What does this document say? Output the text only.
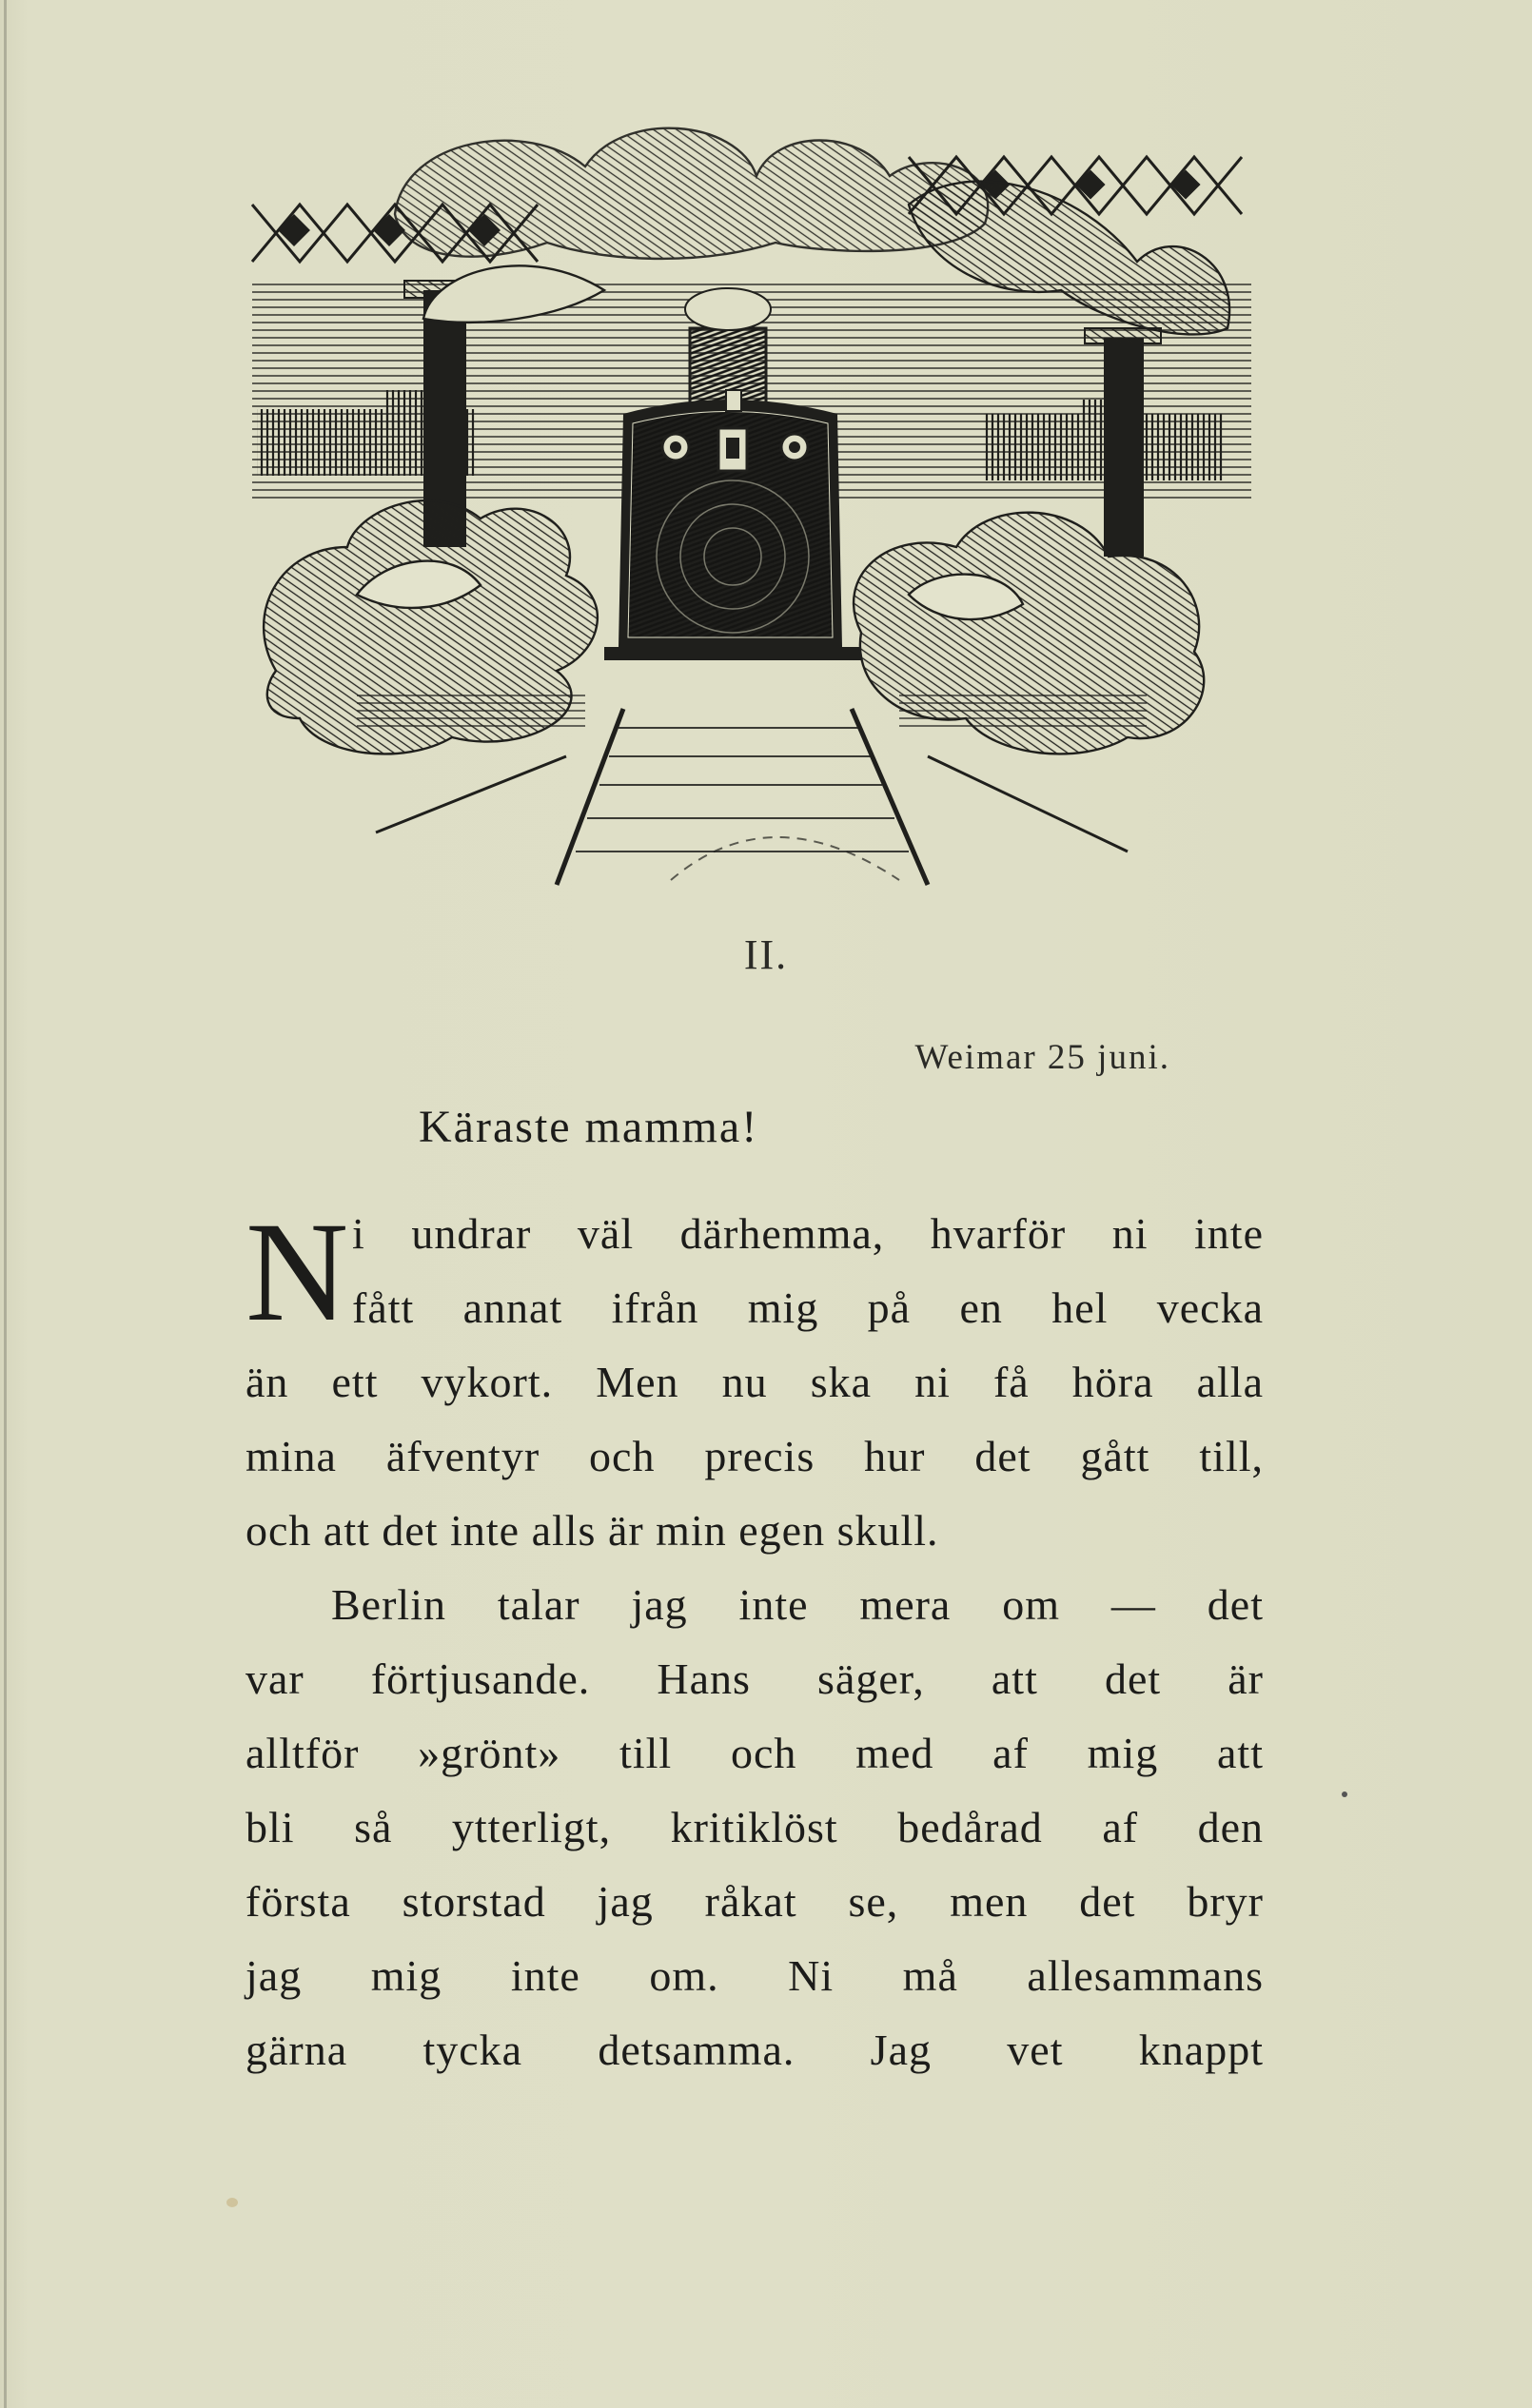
II.
Weimar 25 juni.
Käraste mamma!
N i undrar väl därhemma, hvarför ni inte
fått annat ifrån mig på en hel vecka
än ett vykort. Men nu ska ni få höra alla
mina äfventyr och precis hur det gått till,
och att det inte alls är min egen skull.
Berlin talar jag inte mera om — det
var förtjusande. Hans säger, att det är
alltför »grönt» till och med af mig att
bli så ytterligt, kritiklöst bedårad af den
första storstad jag råkat se, men det bryr
jag mig inte om. Ni må allesammans
gärna tycka detsamma. Jag vet knappt
